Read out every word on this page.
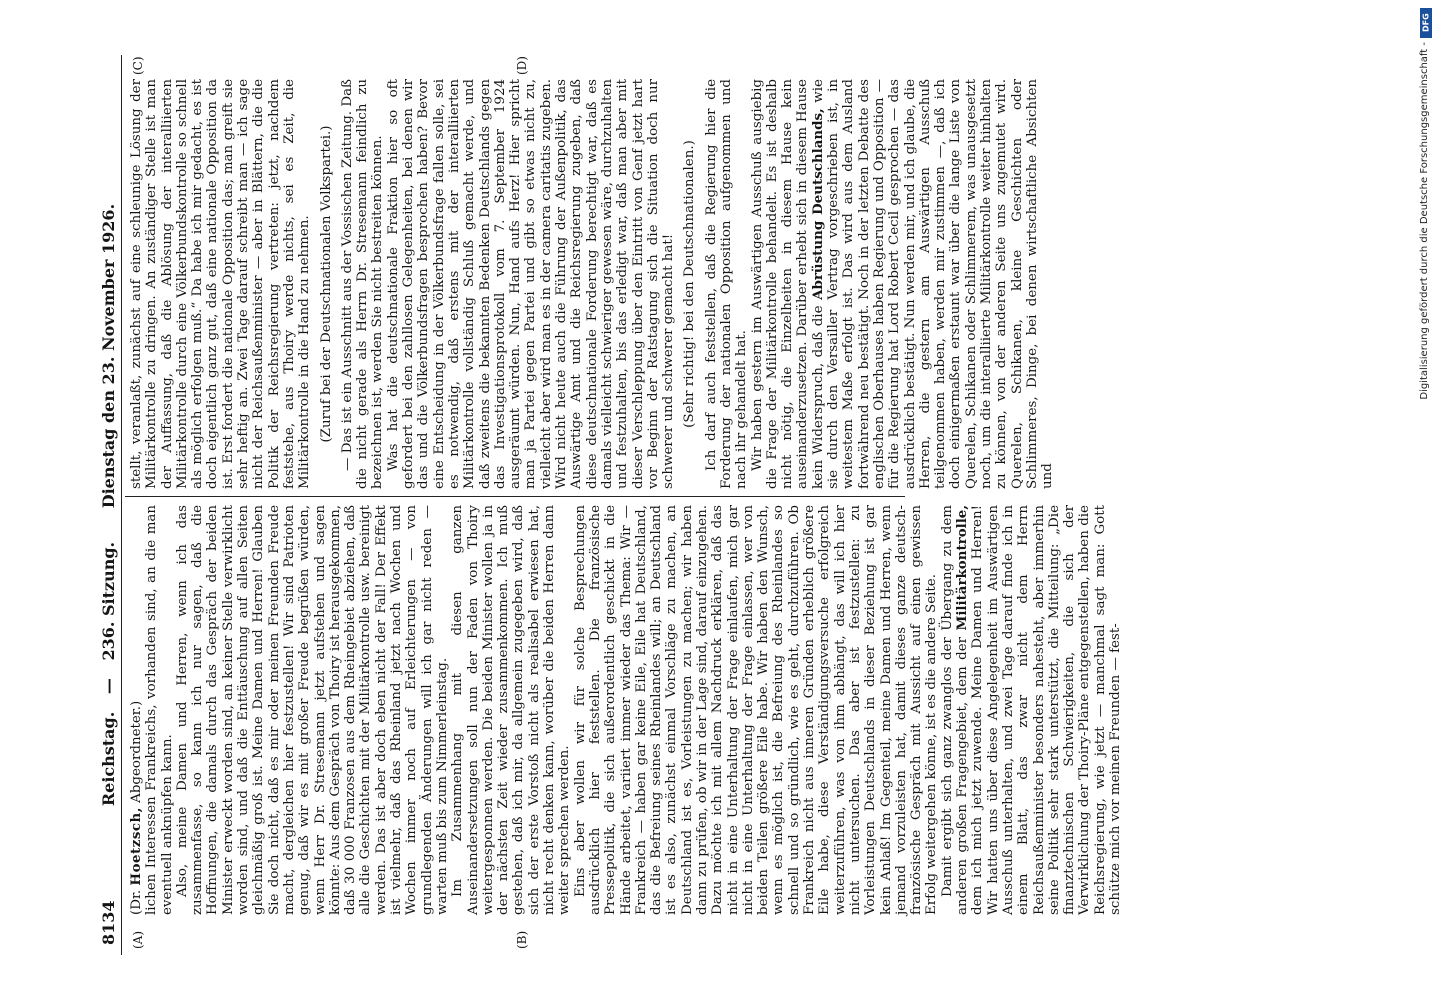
8134
Reichstag. — 236. Sitzung. Dienstag den 23. November 1926.
(A)	(B)
(C)	(D)

(Dr. Hoetzsch, Abgeordneter.) lichen Interessen Frankreichs, vorhanden sind, an die man eventuell anknüpfen kann. Also, meine Damen und Herren, wenn ich das zusammenfasse, so kann ich nur sagen, daß die Hoffnungen, die damals durch das Gespräch der beiden Minister erweckt worden sind, an keiner Stelle verwirklicht worden sind, und daß die Enttäuschung auf allen Seiten gleichmäßig groß ist. Meine Damen und Herren! Glauben Sie doch nicht, daß es mir oder meinen Freunden Freude macht, dergleichen hier festzustellen! Wir sind Patrioten genug, daß wir es mit großer Freude begrüßen würden, wenn Herr Dr. Stresemann jetzt aufstehen und sagen könnte: Aus dem Gespräch von Thoiry ist herausgekommen, daß 30 000 Franzosen aus dem Rheingebiet abziehen, daß alle die Geschichten mit der Militärkontrolle usw. bereinigt werden. Das ist aber doch eben nicht der Fall! Der Effekt ist vielmehr, daß das Rheinland jetzt nach Wochen und Wochen immer noch auf Erleichterungen — von grundlegenden Änderungen will ich gar nicht reden — warten muß bis zum Nimmerleinstag. Im Zusammenhang mit diesen ganzen Auseinandersetzungen soll nun der Faden von Thoiry weitergesponnen werden. Die beiden Minister wollen ja in der nächsten Zeit wieder zusammenkommen. Ich muß gestehen, daß ich mir, da allgemein zugegeben wird, daß sich der erste Vorstoß nicht als realisabel erwiesen hat, nicht recht denken kann, worüber die beiden Herren dann weiter sprechen werden. Eins aber wollen wir für solche Besprechungen ausdrücklich hier feststellen. Die französische Pressepolitik, die sich außerordentlich geschickt in die Hände arbeitet, variiert immer wieder das Thema: Wir — Frankreich — haben gar keine Eile, Eile hat Deutschland, das die Befreiung seines Rheinlandes will; an Deutschland ist es also, zunächst einmal Vorschläge zu machen, an Deutschland ist es, Vorleistungen zu machen; wir haben dann zu prüfen, ob wir in der Lage sind, darauf einzugehen. Dazu möchte ich mit allem Nachdruck erklären, daß das nicht in eine Unterhaltung der Frage einlaufen, mich gar nicht in eine Unterhaltung der Frage einlassen, wer von beiden Teilen größere Eile habe. Wir haben den Wunsch, wenn es möglich ist, die Befreiung des Rheinlandes so schnell und so gründlich, wie es geht, durchzuführen. Ob Frankreich nicht aus inneren Gründen erheblich größere Eile habe, diese Verständigungsversuche erfolgreich weiterzuführen, was von ihm abhängt, das will ich hier nicht untersuchen. Das aber ist festzustellen: zu Vorleistungen Deutschlands in dieser Beziehung ist gar kein Anlaß! Im Gegenteil, meine Damen und Herren, wenn jemand vorzuleisten hat, damit dieses ganze deutsch-französische Gespräch mit Aussicht auf einen gewissen Erfolg weitergehen könne, ist es die andere Seite. Damit ergibt sich ganz zwanglos der Übergang zu dem anderen großen Fragengebiet, dem der Militärkontrolle, dem ich mich jetzt zuwende. Meine Damen und Herren! Wir hatten uns über diese Angelegenheit im Auswärtigen Ausschuß unterhalten, und zwei Tage darauf finde ich in einem Blatt, das zwar nicht dem Herrn Reichsaußenminister besonders nahesteht, aber immerhin seine Politik sehr stark unterstützt, die Mitteilung: „Die finanztechnischen Schwierigkeiten, die sich der Verwirklichung der Thoiry-Pläne entgegenstellen, haben die Reichsregierung, wie jetzt — manchmal sagt man: Gott schütze mich vor meinen Freunden — fest-

stellt, veranlaßt, zunächst auf eine schleunige Lösung der Militärkontrolle zu dringen. An zuständiger Stelle ist man der Auffassung, daß die Ablösung der interalliierten Militärkontrolle durch eine Völkerbundskontrolle so schnell als möglich erfolgen muß.“ Da habe ich mir gedacht, es ist doch eigentlich ganz gut, daß eine nationale Opposition da ist. Erst fordert die nationale Opposition das; man greift sie sehr heftig an. Zwei Tage darauf schreibt man — ich sage nicht der Reichsaußenminister — aber in Blättern, die die Politik der Reichsregierung vertreten: jetzt, nachdem feststehe, aus Thoiry werde nichts, sei es Zeit, die Militärkontrolle in die Hand zu nehmen. (Zuruf bei der Deutschnationalen Volkspartei.) — Das ist ein Ausschnitt aus der Vossischen Zeitung. Daß die nicht gerade als Herrn Dr. Stresemann feindlich zu bezeichnen ist, werden Sie nicht bestreiten können. Was hat die deutschnationale Fraktion hier so oft gefordert bei den zahllosen Gelegenheiten, bei denen wir das und die Völkerbundsfragen besprochen haben? Bevor eine Entscheidung in der Völkerbundsfrage fallen solle, sei es notwendig, daß erstens mit der interalliierten Militärkontrolle vollständig Schluß gemacht werde, und daß zweitens die bekannten Bedenken Deutschlands gegen das Investigationsprotokoll vom 7. September 1924 ausgeräumt würden. Nun, Hand aufs Herz! Hier spricht man ja Partei gegen Partei und gibt so etwas nicht zu, vielleicht aber wird man es in der camera caritatis zugeben. Wird nicht heute auch die Führung der Außenpolitik, das Auswärtige Amt und die Reichsregierung zugeben, daß diese deutschnationale Forderung berechtigt war, daß es damals vielleicht schwieriger gewesen wäre, durchzuhalten und festzuhalten, bis das erledigt war, daß man aber mit dieser Verschleppung über den Eintritt von Genf jetzt hart vor Beginn der Ratstagung sich die Situation doch nur schwerer und schwerer gemacht hat! (Sehr richtig! bei den Deutschnationalen.) Ich darf auch feststellen, daß die Regierung hier die Forderung der nationalen Opposition aufgenommen und nach ihr gehandelt hat. Wir haben gestern im Auswärtigen Ausschuß ausgiebig die Frage der Militärkontrolle behandelt. Es ist deshalb nicht nötig, die Einzelheiten in diesem Hause kein auseinanderzusetzen. Darüber erhebt sich in diesem Hause kein Widerspruch, daß die Abrüstung Deutschlands, wie sie durch den Versailler Vertrag vorgeschrieben ist, in weitestem Maße erfolgt ist. Das wird aus dem Ausland fortwährend neu bestätigt. Noch in der letzten Debatte des englischen Oberhauses haben Regierung und Opposition — für die Regierung hat Lord Robert Cecil gesprochen — das ausdrücklich bestätigt. Nun werden mir, und ich glaube, die Herren, die gestern am Auswärtigen Ausschuß teilgenommen haben, werden mir zustimmen —, daß ich doch einigermaßen erstaunt war über die lange Liste von Querelen, Schikanen oder Schlimmerem, was unausgesetzt noch, um die interalliierte Militärkontrolle weiter hinhalten zu können, von der anderen Seite uns zugemutet wird. Querelen, Schikanen, kleine Geschichten oder Schlimmeres, Dinge, bei denen wirtschaftliche Absichten und

DFG
Digitalisierung gefördert durch die Deutsche Forschungsgemeinschaft -
